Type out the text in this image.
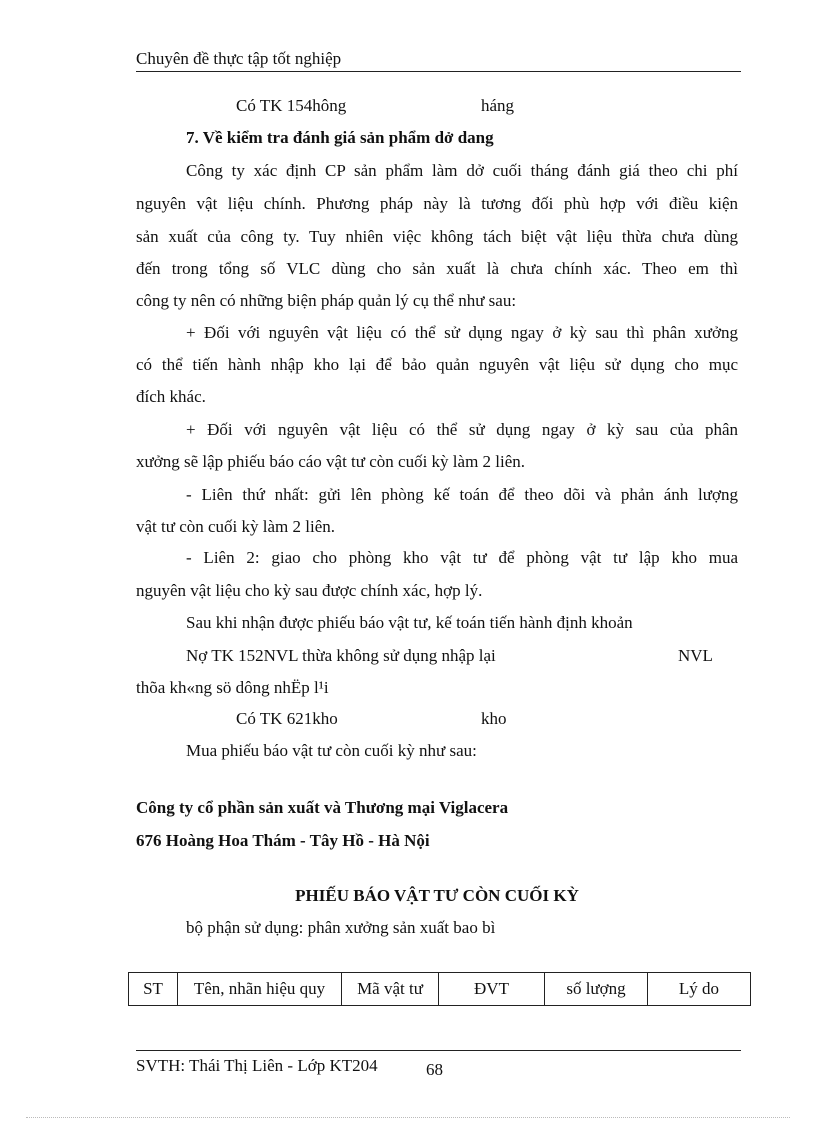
Chuyên đề thực tập tốt nghiệp
Có TK 154hông	háng
7. Về kiểm tra đánh giá sản phẩm dở dang
Công ty xác định CP sản phẩm làm dở cuối tháng đánh giá theo chi phí
nguyên vật liệu chính. Phương pháp này là tương đối phù hợp với điều kiện
sản xuất của công ty. Tuy nhiên việc không tách biệt vật liệu thừa chưa dùng
đến trong tổng số VLC dùng cho sản xuất là chưa chính xác. Theo em thì
công ty nên có những biện pháp quản lý cụ thể như sau:
+ Đối với nguyên vật liệu có thể sử dụng ngay ở kỳ sau thì phân xưởng
có thể tiến hành nhập kho lại để bảo quản nguyên vật liệu sử dụng cho mục
đích khác.
+ Đối với nguyên vật liệu có thể sử dụng ngay ở kỳ sau của phân
xưởng sẽ lập phiếu báo cáo vật tư còn cuối kỳ làm 2 liên.
- Liên thứ nhất: gửi lên phòng kế toán để theo dõi và phản ánh lượng
vật tư còn cuối kỳ làm 2 liên.
- Liên 2: giao cho phòng kho vật tư để phòng vật tư lập kho mua
nguyên vật liệu cho kỳ sau được chính xác, hợp lý.
Sau khi nhận được phiếu báo vật tư, kế toán tiến hành định khoản
Nợ TK 152NVL thừa không sử dụng nhập lại	NVL
thõa kh«ng sö dông nhËp l¹i
Có TK 621kho	kho
Mua phiếu báo vật tư còn cuối kỳ như sau:
Công ty cổ phần sản xuất và Thương mại Viglacera
676 Hoàng Hoa Thám - Tây Hồ - Hà Nội
PHIẾU BÁO VẬT TƯ CÒN CUỐI KỲ
bộ phận sử dụng: phân xưởng sản xuất bao bì
ST	Tên, nhãn hiệu quy	Mã vật tư	ĐVT	số lượng	Lý do
SVTH: Thái Thị Liên - Lớp KT204	68
